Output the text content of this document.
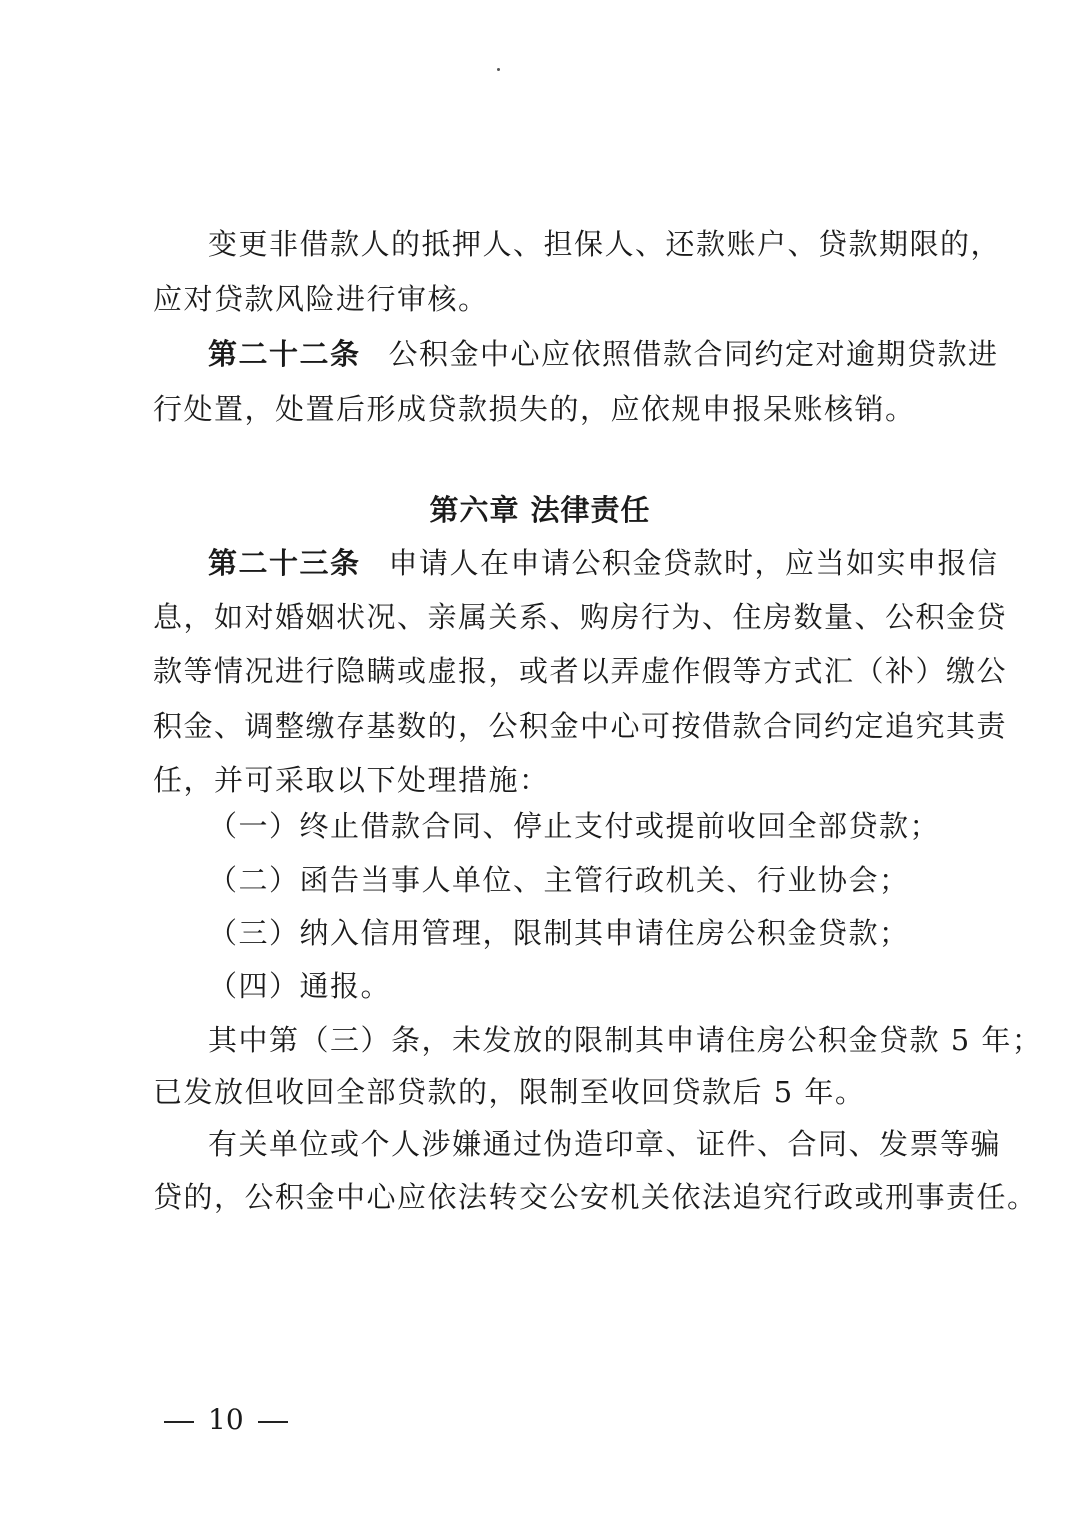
变更非借款人的抵押人、担保人、还款账户、贷款期限的，
应对贷款风险进行审核。
第二十二条 公积金中心应依照借款合同约定对逾期贷款进
行处置，处置后形成贷款损失的，应依规申报呆账核销。
第六章 法律责任
第二十三条 申请人在申请公积金贷款时，应当如实申报信
息，如对婚姻状况、亲属关系、购房行为、住房数量、公积金贷
款等情况进行隐瞒或虚报，或者以弄虚作假等方式汇（补）缴公
积金、调整缴存基数的，公积金中心可按借款合同约定追究其责
任，并可采取以下处理措施：
（一）终止借款合同、停止支付或提前收回全部贷款；
（二）函告当事人单位、主管行政机关、行业协会；
（三）纳入信用管理，限制其申请住房公积金贷款；
（四）通报。
其中第（三）条，未发放的限制其申请住房公积金贷款 5 年；
已发放但收回全部贷款的，限制至收回贷款后 5 年。
有关单位或个人涉嫌通过伪造印章、证件、合同、发票等骗
贷的，公积金中心应依法转交公安机关依法追究行政或刑事责任。
10
